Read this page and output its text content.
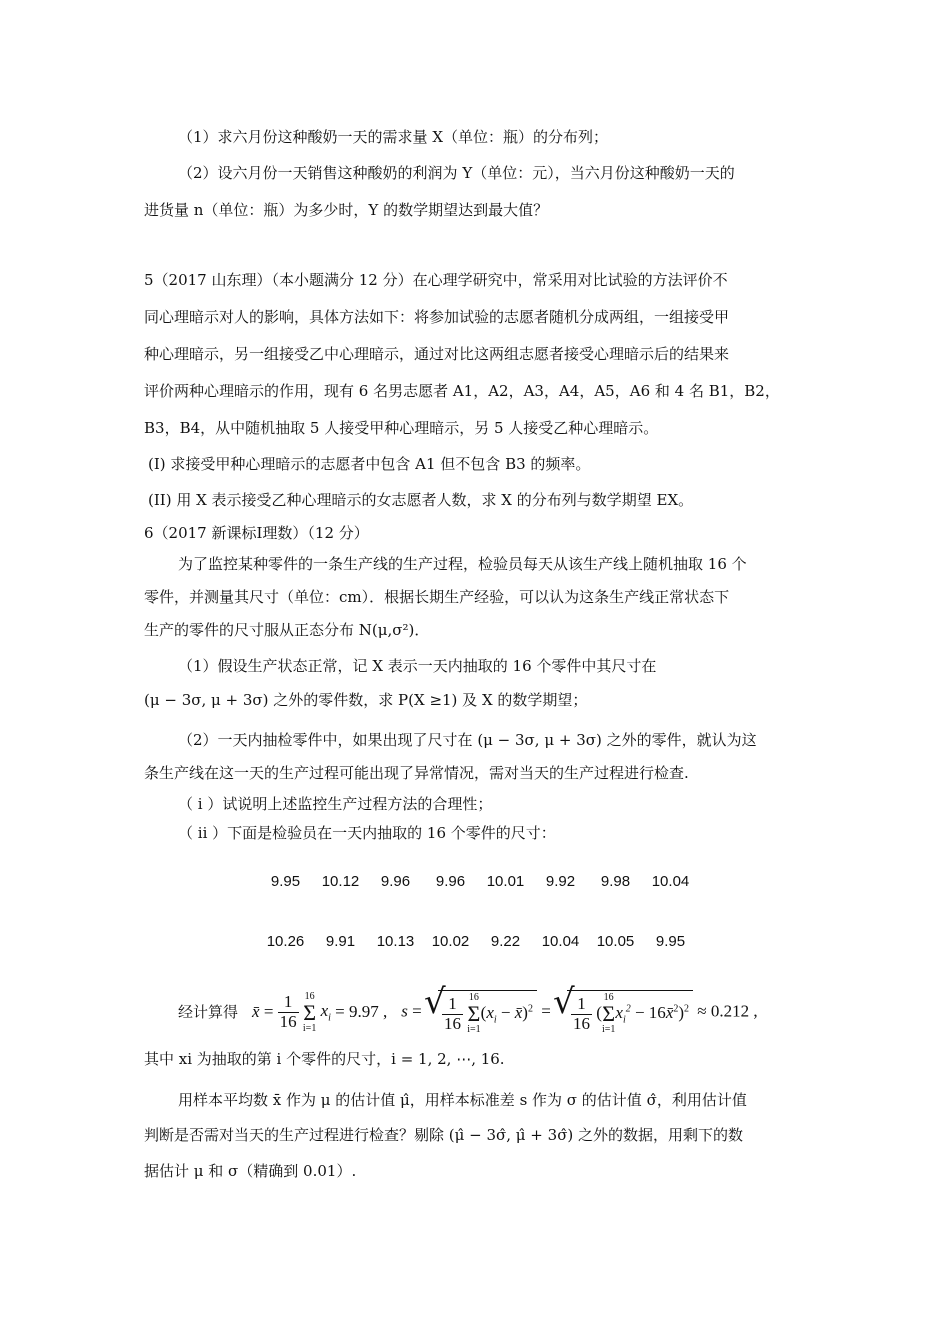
（1）求六月份这种酸奶一天的需求量 X（单位：瓶）的分布列；
（2）设六月份一天销售这种酸奶的利润为 Y（单位：元），当六月份这种酸奶一天的
进货量 n（单位：瓶）为多少时，Y 的数学期望达到最大值？
5（2017 山东理）（本小题满分 12 分）在心理学研究中，常采用对比试验的方法评价不
同心理暗示对人的影响，具体方法如下：将参加试验的志愿者随机分成两组，一组接受甲
种心理暗示，另一组接受乙中心理暗示，通过对比这两组志愿者接受心理暗示后的结果来
评价两种心理暗示的作用，现有 6 名男志愿者 A1，A2，A3，A4，A5，A6 和 4 名 B1，B2，
B3，B4，从中随机抽取 5 人接受甲种心理暗示，另 5 人接受乙种心理暗示。
(I) 求接受甲种心理暗示的志愿者中包含 A1 但不包含 B3 的频率。
(II) 用 X 表示接受乙种心理暗示的女志愿者人数，求 X 的分布列与数学期望 EX。
6（2017 新课标Ⅰ理数）（12 分）
为了监控某种零件的一条生产线的生产过程，检验员每天从该生产线上随机抽取 16 个
零件，并测量其尺寸（单位：cm）．根据长期生产经验，可以认为这条生产线正常状态下
生产的零件的尺寸服从正态分布 N(μ,σ²)．
（1）假设生产状态正常，记 X 表示一天内抽取的 16 个零件中其尺寸在
(μ − 3σ, μ + 3σ) 之外的零件数，求 P(X ≥1) 及 X 的数学期望；
（2）一天内抽检零件中，如果出现了尺寸在 (μ − 3σ, μ + 3σ) 之外的零件，就认为这
条生产线在这一天的生产过程可能出现了异常情况，需对当天的生产过程进行检查.
（ i ）试说明上述监控生产过程方法的合理性；
（ ii ）下面是检验员在一天内抽取的 16 个零件的尺寸：
9.95	10.12	9.96	9.96	10.01	9.92	9.98	10.04
10.26	9.91	10.13	10.02	9.22	10.04	10.05	9.95
经计算得 x̄ = $\frac{1}{16} 16$
Σ
i=1 $x_i = 9.97$ , s = √ $\frac{1}{16} 16$
Σ
$i=1(x_i$ − x̄)$^2$ = √ $\frac{1}{16} (16$
Σ
$i=1x_i^2$ − 16x̄$^2$)$^2$ ≈ 0.212 ,
其中 xi 为抽取的第 i 个零件的尺寸，i = 1, 2, ⋯, 16.
用样本平均数 x̄ 作为 μ 的估计值 μ̂，用样本标准差 s 作为 σ 的估计值 σ̂，利用估计值
判断是否需对当天的生产过程进行检查？剔除 (μ̂ − 3σ̂, μ̂ + 3σ̂) 之外的数据，用剩下的数
据估计 μ 和 σ（精确到 0.01）.
